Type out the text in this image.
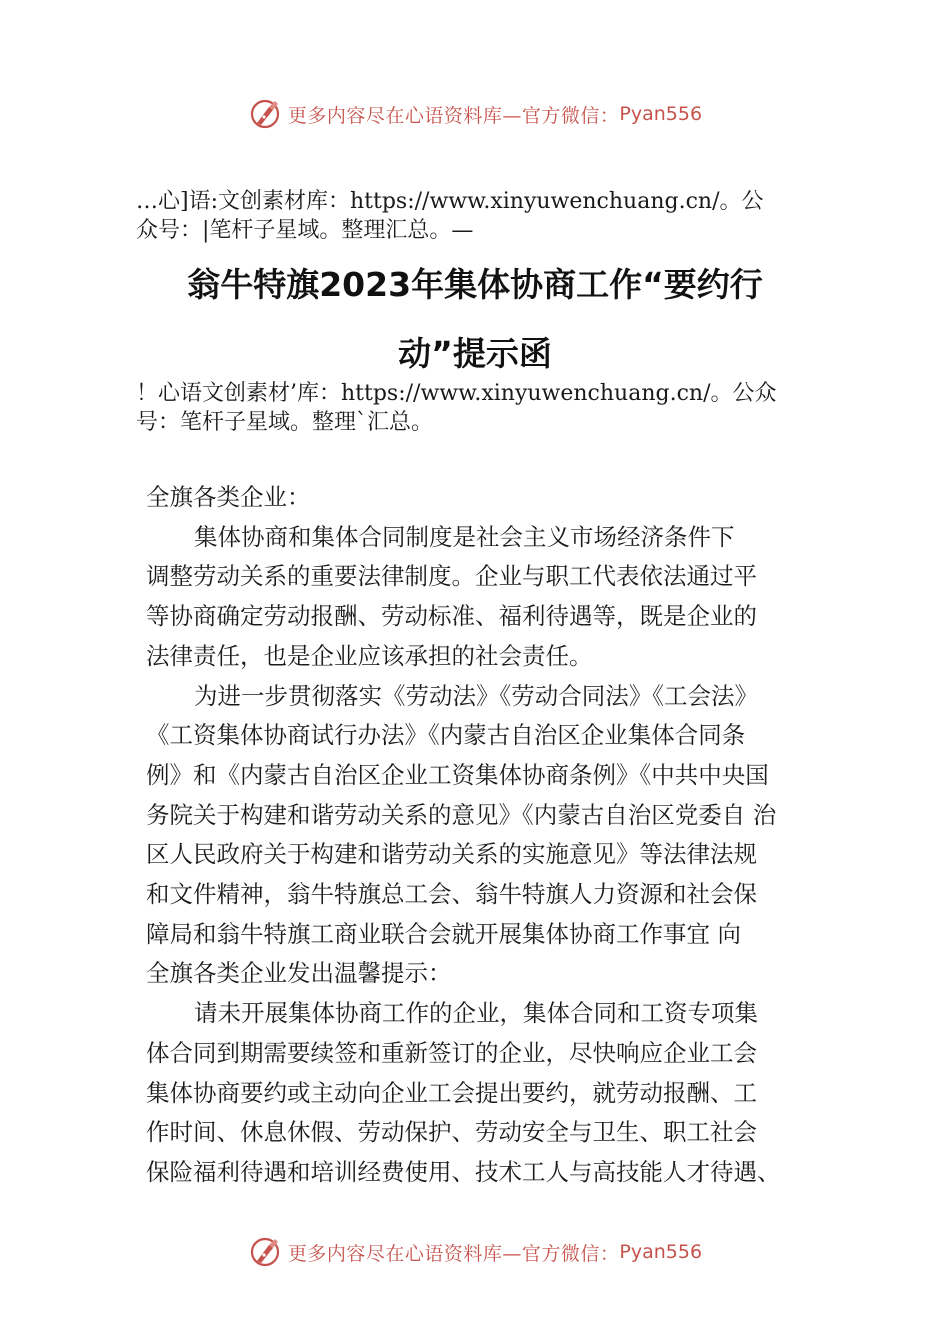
更多内容尽在心语资料库—官方微信： Pyan556
…心]语:文创素材库：https://www.xinyuwenchuang.cn/。公
众号：|笔杆子星域。整理汇总。—
翁牛特旗2023年集体协商工作“要约行
动”提示函
！心语文创素材’库：https://www.xinyuwenchuang.cn/。公众
号：笔杆子星域。整理`汇总。
全旗各类企业：
集体协商和集体合同制度是社会主义市场经济条件下
调整劳动关系的重要法律制度。企业与职工代表依法通过平
等协商确定劳动报酬、劳动标准、福利待遇等，既是企业的
法律责任，也是企业应该承担的社会责任。
为进一步贯彻落实《劳动法》《劳动合同法》《工会法》
《工资集体协商试行办法》《内蒙古自治区企业集体合同条
例》和《内蒙古自治区企业工资集体协商条例》《中共中央国
务院关于构建和谐劳动关系的意见》《内蒙古自治区党委自 治
区人民政府关于构建和谐劳动关系的实施意见》等法律法规
和文件精神，翁牛特旗总工会、翁牛特旗人力资源和社会保
障局和翁牛特旗工商业联合会就开展集体协商工作事宜 向
全旗各类企业发出温馨提示：
请未开展集体协商工作的企业，集体合同和工资专项集
体合同到期需要续签和重新签订的企业，尽快响应企业工会
集体协商要约或主动向企业工会提出要约，就劳动报酬、工
作时间、休息休假、劳动保护、劳动安全与卫生、职工社会
保险福利待遇和培训经费使用、技术工人与高技能人才待遇、
更多内容尽在心语资料库—官方微信： Pyan556
